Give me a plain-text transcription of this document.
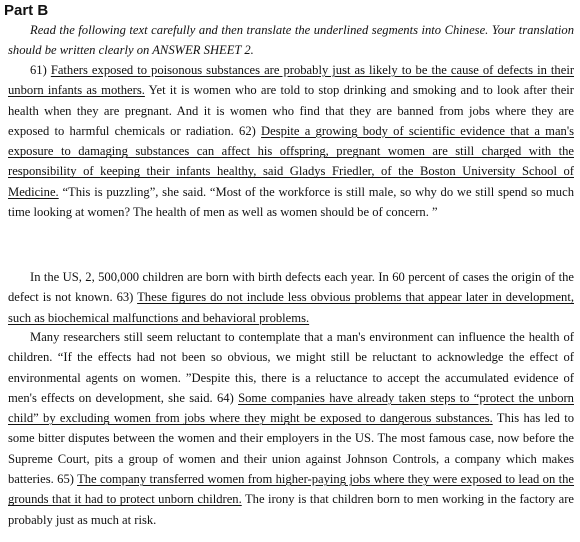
Part B

Read the following text carefully and then translate the underlined segments into Chinese. Your translation should be written clearly on ANSWER SHEET 2.

61) Fathers exposed to poisonous substances are probably just as likely to be the cause of defects in their unborn infants as mothers. Yet it is women who are told to stop drinking and smoking and to look after their health when they are pregnant. And it is women who find that they are banned from jobs where they are exposed to harmful chemicals or radiation. 62) Despite a growing body of scientific evidence that a man's exposure to damaging substances can affect his offspring, pregnant women are still charged with the responsibility of keeping their infants healthy, said Gladys Friedler, of the Boston University School of Medicine. “This is puzzling”, she said. “Most of the workforce is still male, so why do we still spend so much time looking at women? The health of men as well as women should be of concern. ”

In the US, 2, 500,000 children are born with birth defects each year. In 60 percent of cases the origin of the defect is not known. 63) These figures do not include less obvious problems that appear later in development, such as biochemical malfunctions and behavioral problems.

Many researchers still seem reluctant to contemplate that a man's environment can influence the health of children. “If the effects had not been so obvious, we might still be reluctant to acknowledge the effect of environmental agents on women. ”Despite this, there is a reluctance to accept the accumulated evidence of men's effects on development, she said. 64) Some companies have already taken steps to “protect the unborn child” by excluding women from jobs where they might be exposed to dangerous substances. This has led to some bitter disputes between the women and their employers in the US. The most famous case, now before the Supreme Court, pits a group of women and their union against Johnson Controls, a company which makes batteries. 65) The company transferred women from higher-paying jobs where they were exposed to lead on the grounds that it had to protect unborn children. The irony is that children born to men working in the factory are probably just as much at risk.
